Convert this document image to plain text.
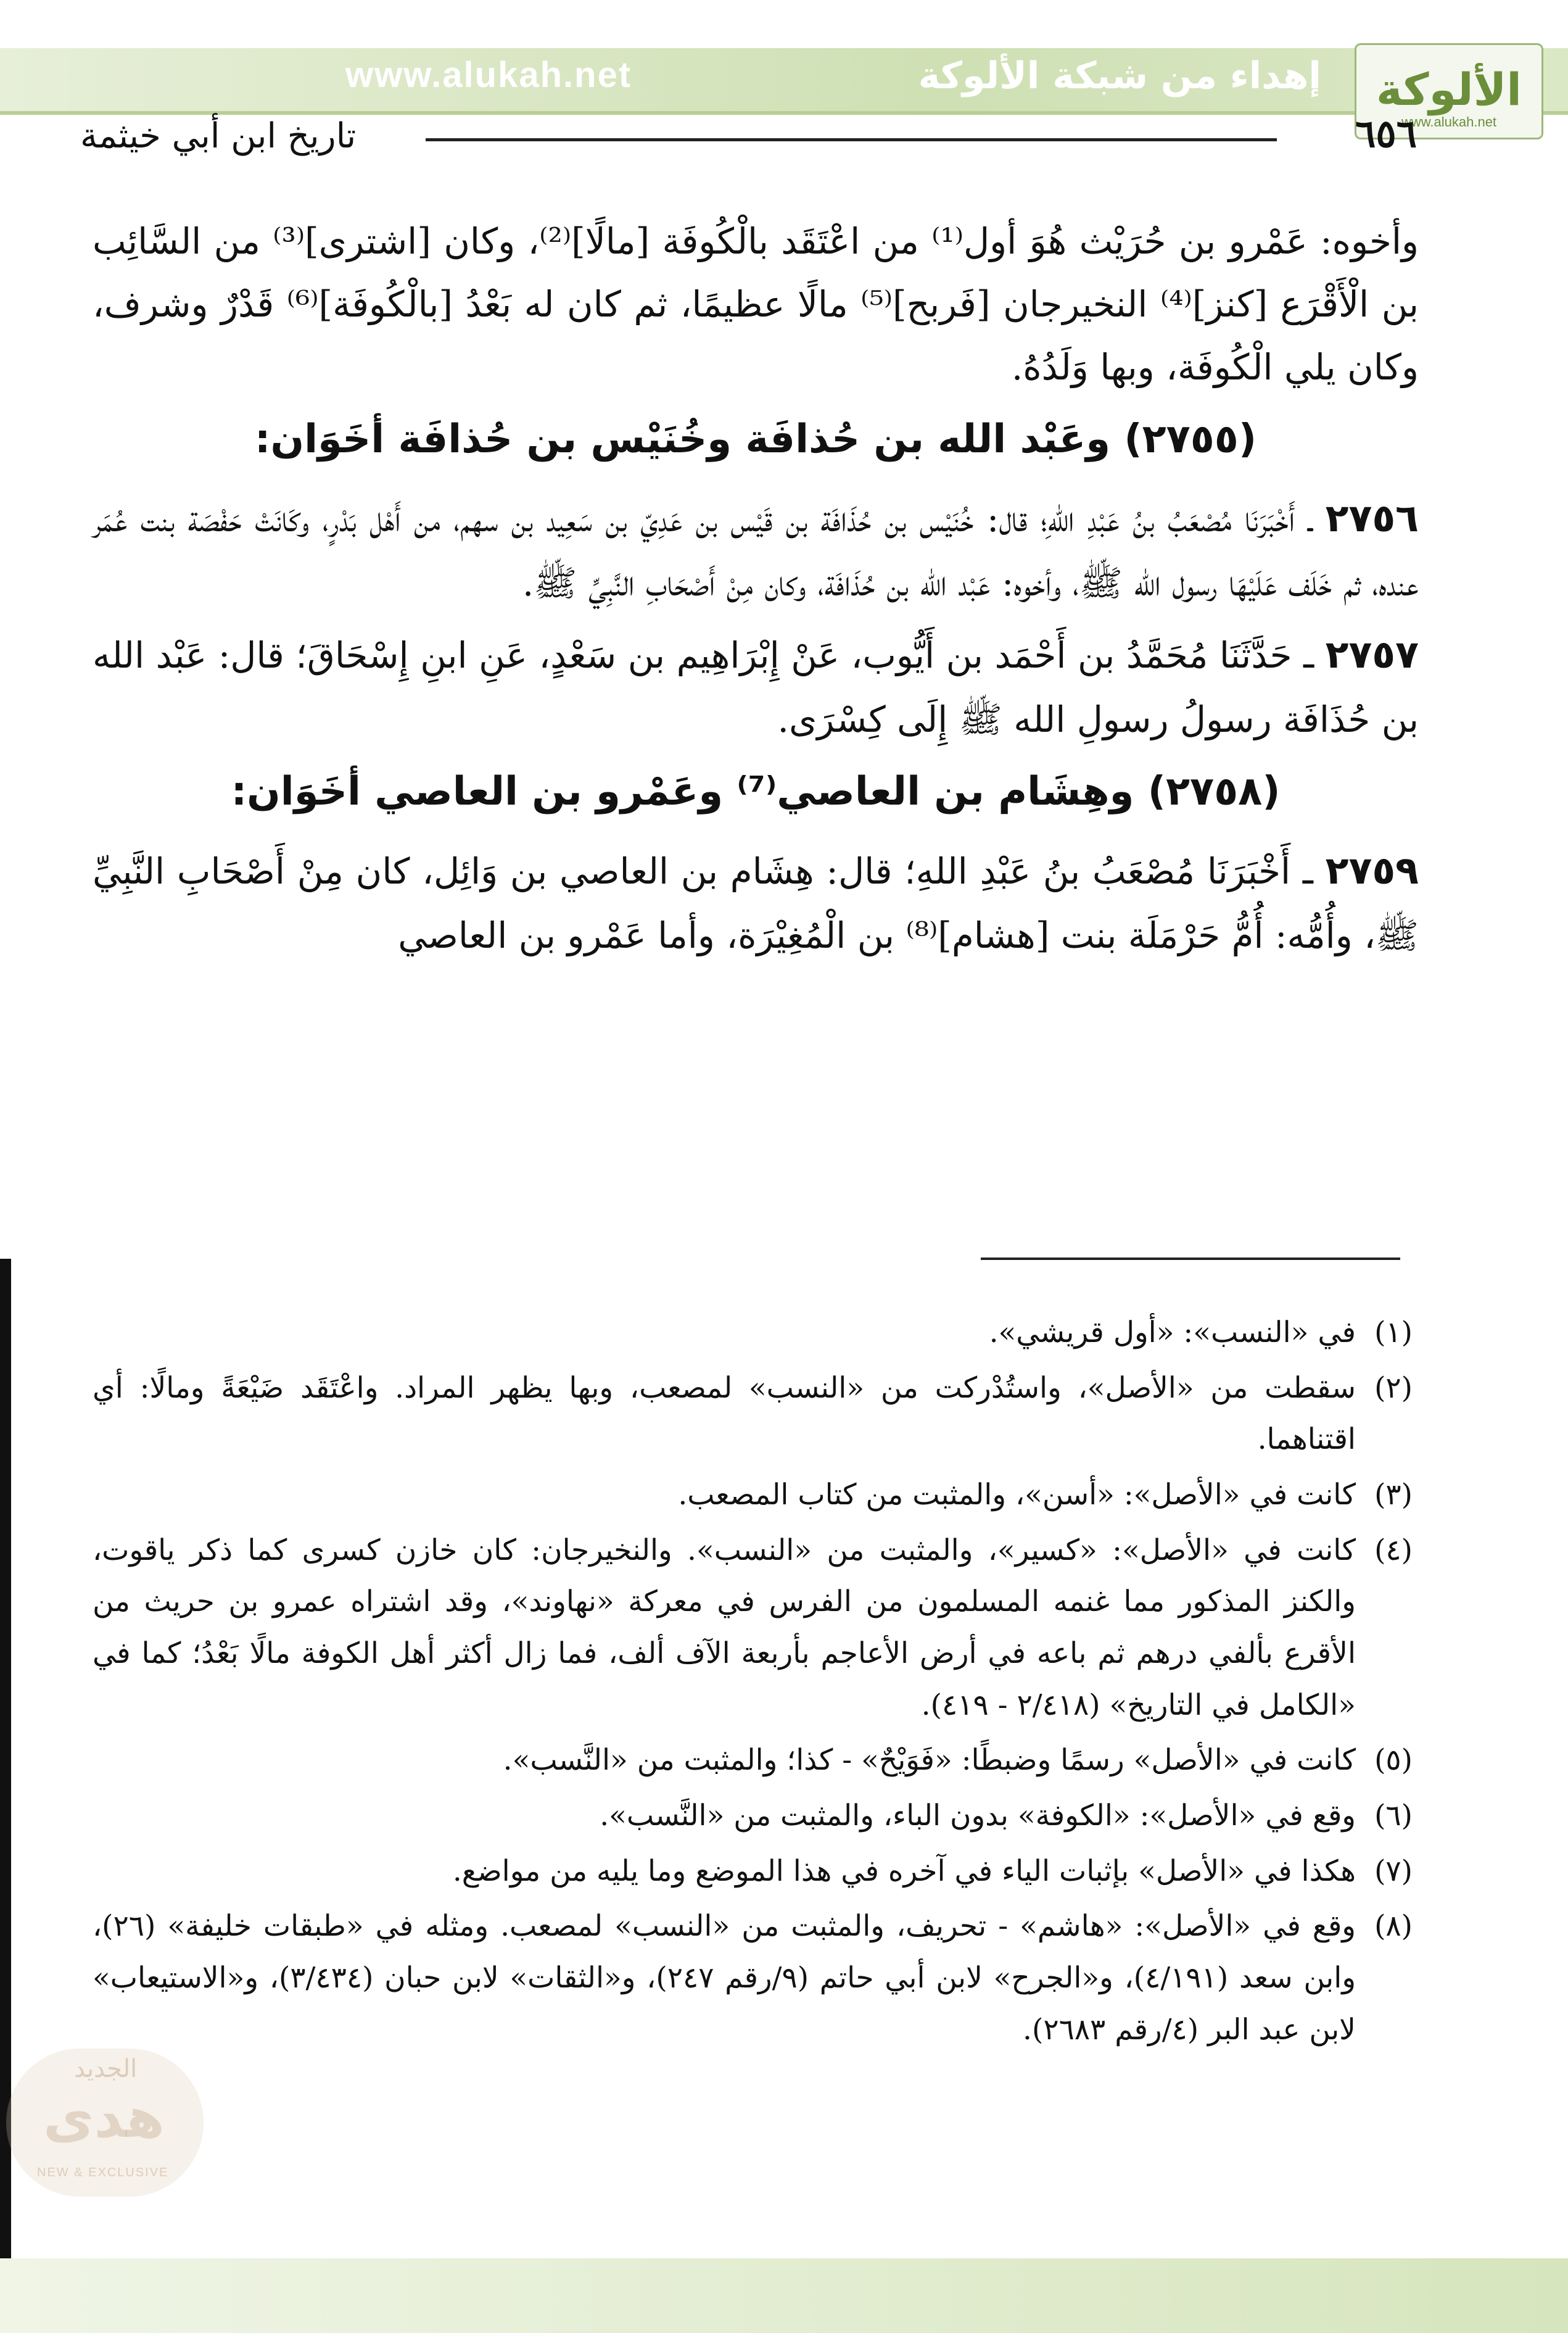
www.alukah.net	إهداء من شبكة الألوكة	الألوكة
www.alukah.net
تاريخ ابن أبي خيثمة	٦٥٦

وأخوه: عَمْرو بن حُرَيْث هُوَ أول⁽¹⁾ من اعْتَقَد بالْكُوفَة [مالًا]⁽²⁾، وكان [اشترى]⁽³⁾ من السَّائِب بن الْأَقْرَع [كنز]⁽⁴⁾ النخيرجان [فَربح]⁽⁵⁾ مالًا عظيمًا، ثم كان له بَعْدُ [بالْكُوفَة]⁽⁶⁾ قَدْرٌ وشرف، وكان يلي الْكُوفَة، وبها وَلَدُهُ.

(٢٧٥٥) وعَبْد الله بن حُذافَة وخُنَيْس بن حُذافَة أخَوَان:

٢٧٥٦ ـ أَخْبَرَنَا مُصْعَبُ بنُ عَبْدِ اللهِ؛ قال: خُنَيْس بن حُذَافَة بن قَيْس بن عَدِيّ بن سَعِيد بن سهم، من أَهْل بَدْرٍ، وكَانَتْ حَفْصَة بنت عُمَر عنده، ثم خَلَف عَلَيْهَا رسول الله ﷺ، وأخوه: عَبْد الله بن حُذَافَة، وكان مِنْ أَصْحَابِ النَّبِيِّ ﷺ.

٢٧٥٧ ـ حَدَّثَنَا مُحَمَّدُ بن أَحْمَد بن أَيُّوب، عَنْ إِبْرَاهِيم بن سَعْدٍ، عَنِ ابنِ إِسْحَاقَ؛ قال: عَبْد الله بن حُذَافَة رسولُ رسولِ الله ﷺ إِلَى كِسْرَى.

(٢٧٥٨) وهِشَام بن العاصي⁽⁷⁾ وعَمْرو بن العاصي أخَوَان:

٢٧٥٩ ـ أَخْبَرَنَا مُصْعَبُ بنُ عَبْدِ اللهِ؛ قال: هِشَام بن العاصي بن وَائِل، كان مِنْ أَصْحَابِ النَّبِيِّ ﷺ، وأُمُّه: أُمُّ حَرْمَلَة بنت [هشام]⁽⁸⁾ بن الْمُغِيْرَة، وأما عَمْرو بن العاصي

(١)في «النسب»: «أول قريشي».

(٢)سقطت من «الأصل»، واستُدْركت من «النسب» لمصعب، وبها يظهر المراد. واعْتَقَد ضَيْعَةً ومالًا: أي اقتناهما.

(٣)كانت في «الأصل»: «أسن»، والمثبت من كتاب المصعب.

(٤)كانت في «الأصل»: «كسير»، والمثبت من «النسب». والنخيرجان: كان خازن كسرى كما ذكر ياقوت، والكنز المذكور مما غنمه المسلمون من الفرس في معركة «نهاوند»، وقد اشتراه عمرو بن حريث من الأقرع بألفي درهم ثم باعه في أرض الأعاجم بأربعة الآف ألف، فما زال أكثر أهل الكوفة مالًا بَعْدُ؛ كما في «الكامل في التاريخ» (٢/٤١٨ - ٤١٩).

(٥)كانت في «الأصل» رسمًا وضبطًا: «فَوَيْحٌ» - كذا؛ والمثبت من «النَّسب».

(٦)وقع في «الأصل»: «الكوفة» بدون الباء، والمثبت من «النَّسب».

(٧)هكذا في «الأصل» بإثبات الياء في آخره في هذا الموضع وما يليه من مواضع.

(٨)وقع في «الأصل»: «هاشم» - تحريف، والمثبت من «النسب» لمصعب. ومثله في «طبقات خليفة» (٢٦)، وابن سعد (٤/١٩١)، و«الجرح» لابن أبي حاتم (٩/رقم ٢٤٧)، و«الثقات» لابن حبان (٣/٤٣٤)، و«الاستيعاب» لابن عبد البر (٤/رقم ٢٦٨٣).

الجديد
هدى
NEW & EXCLUSIVE
